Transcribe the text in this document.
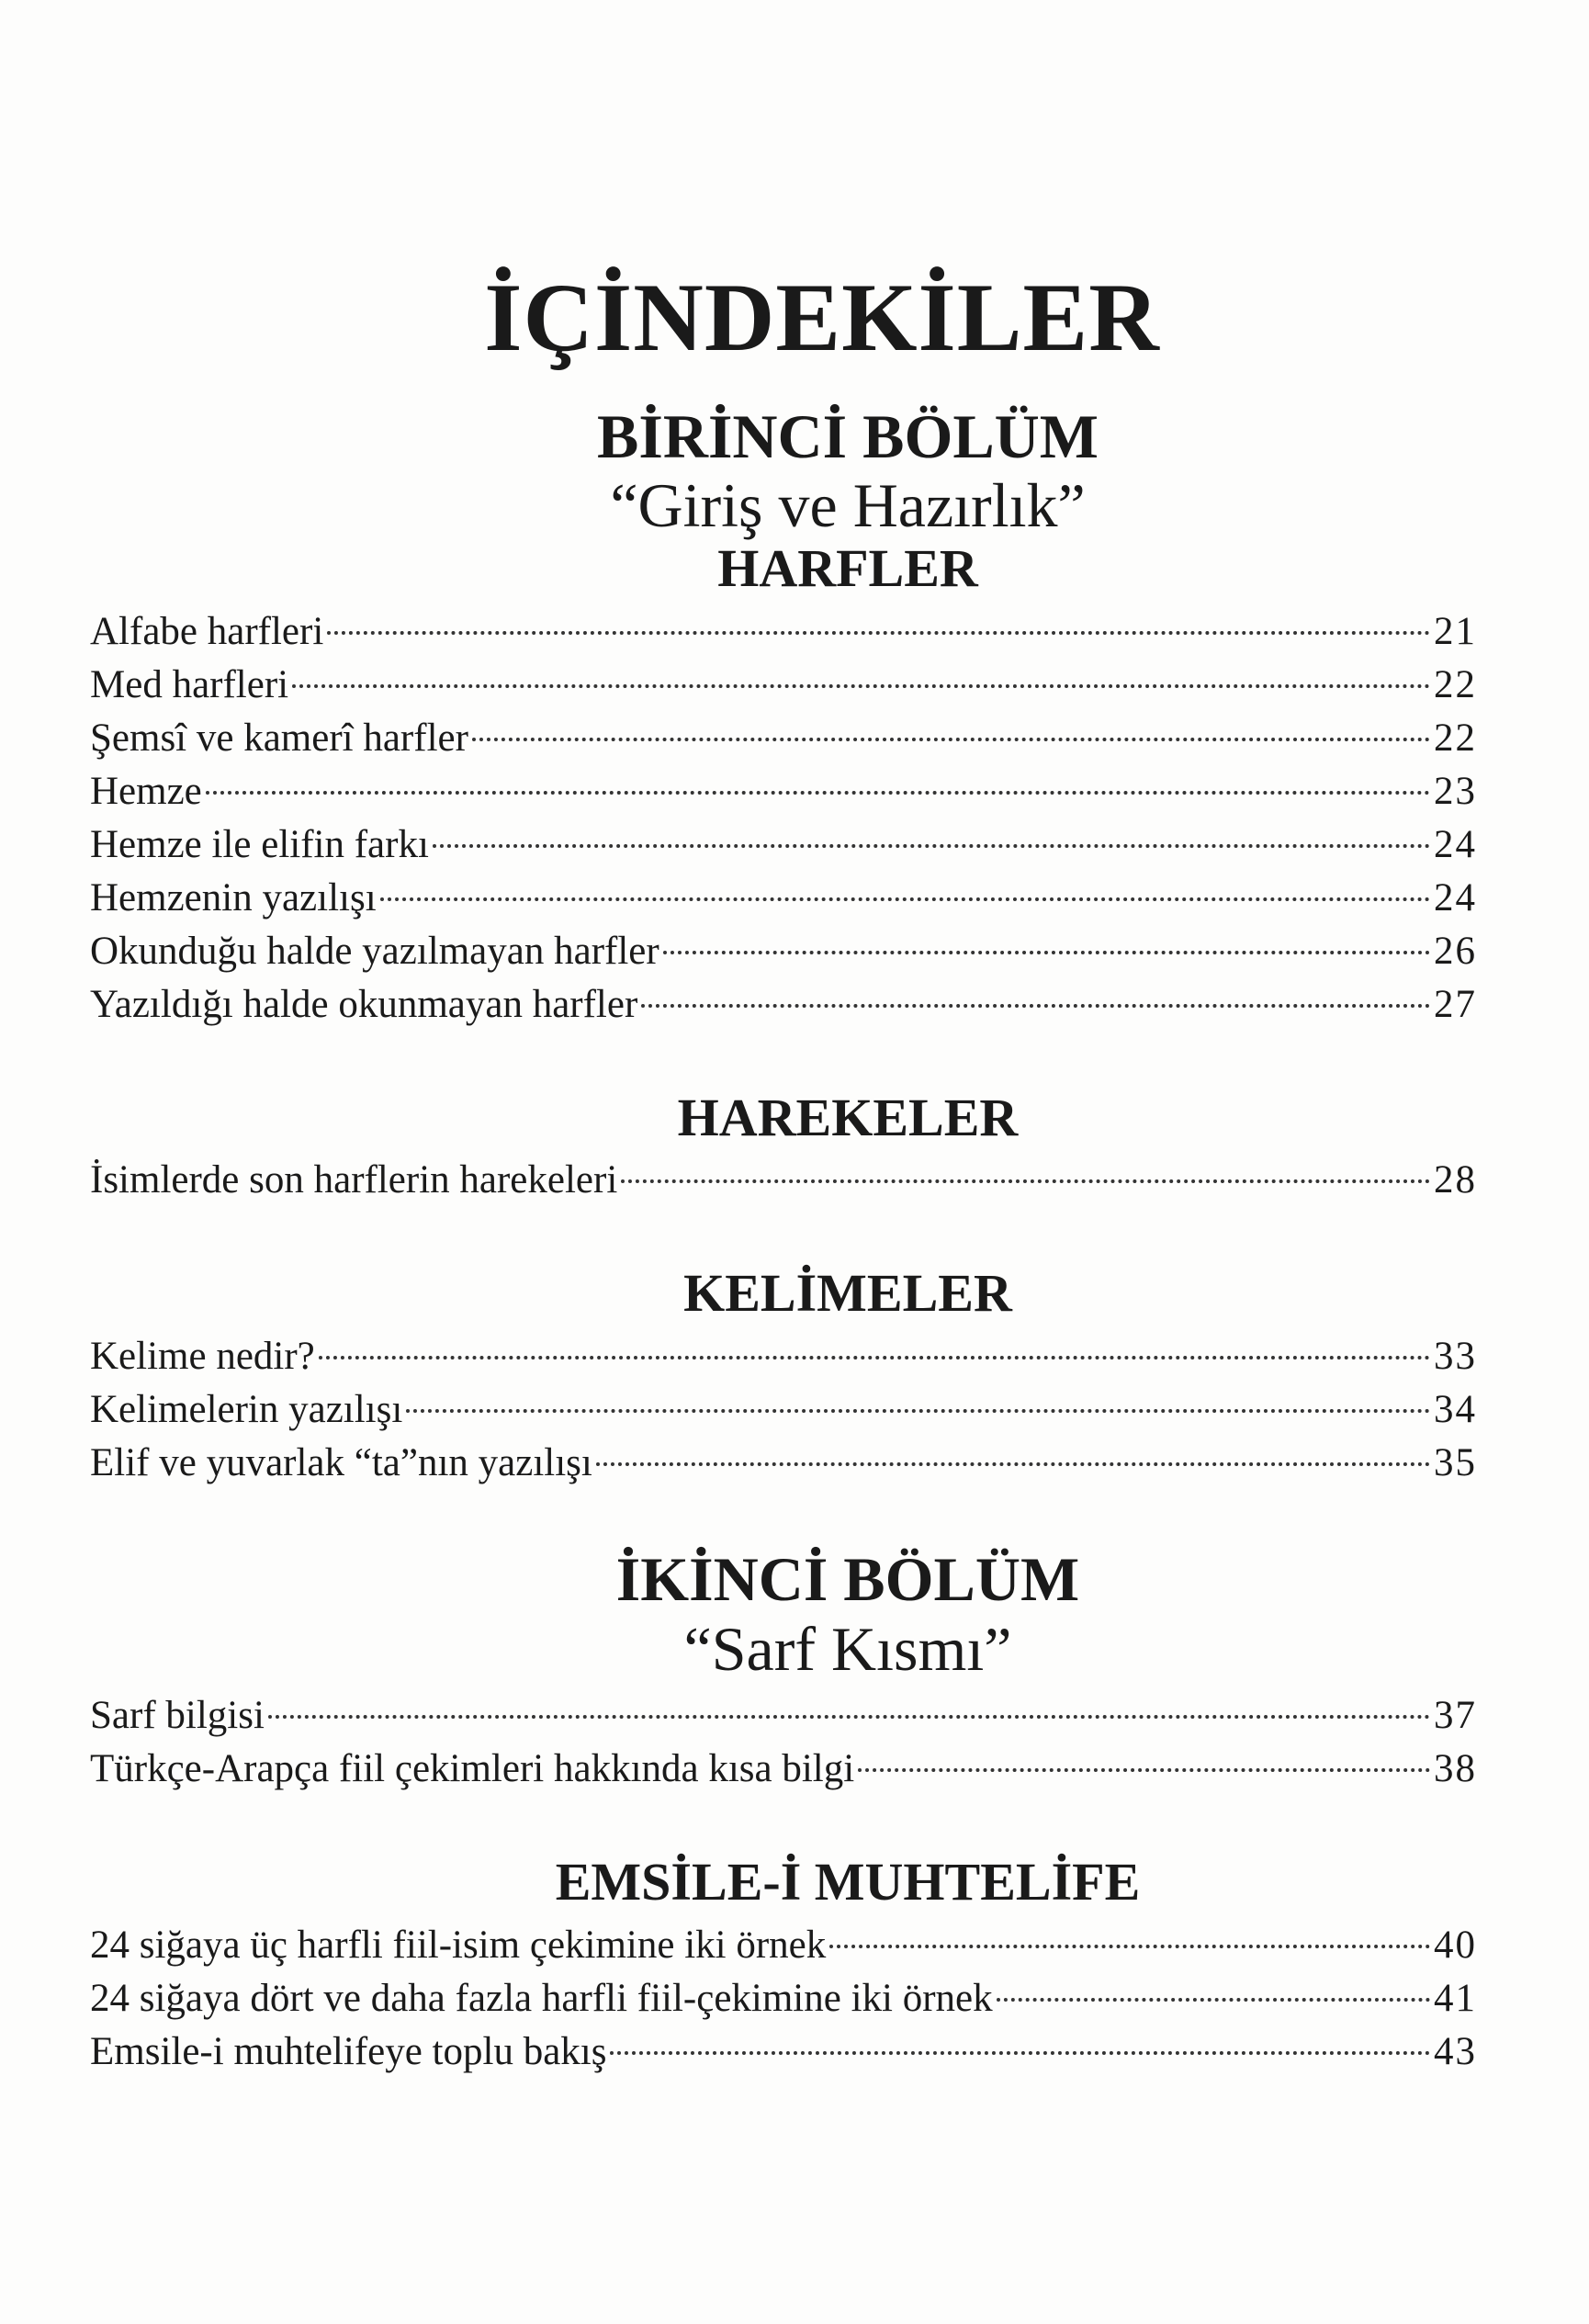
İÇİNDEKİLER
BİRİNCİ BÖLÜM
“Giriş ve Hazırlık”
HARFLER
Alfabe harfleri	21
Med harfleri	22
Şemsî ve kamerî harfler	22
Hemze	23
Hemze ile elifin farkı	24
Hemzenin yazılışı	24
Okunduğu halde yazılmayan harfler	26
Yazıldığı halde okunmayan harfler	27
HAREKELER
İsimlerde son harflerin harekeleri	28
KELİMELER
Kelime nedir?	33
Kelimelerin yazılışı	34
Elif ve yuvarlak “ta”nın yazılışı	35
İKİNCİ BÖLÜM
“Sarf Kısmı”
Sarf bilgisi	37
Türkçe-Arapça fiil çekimleri hakkında kısa bilgi	38
EMSİLE-İ MUHTELİFE
24 siğaya üç harfli fiil-isim çekimine iki örnek	40
24 siğaya dört ve daha fazla harfli fiil-çekimine iki örnek	41
Emsile-i muhtelifeye toplu bakış	43
